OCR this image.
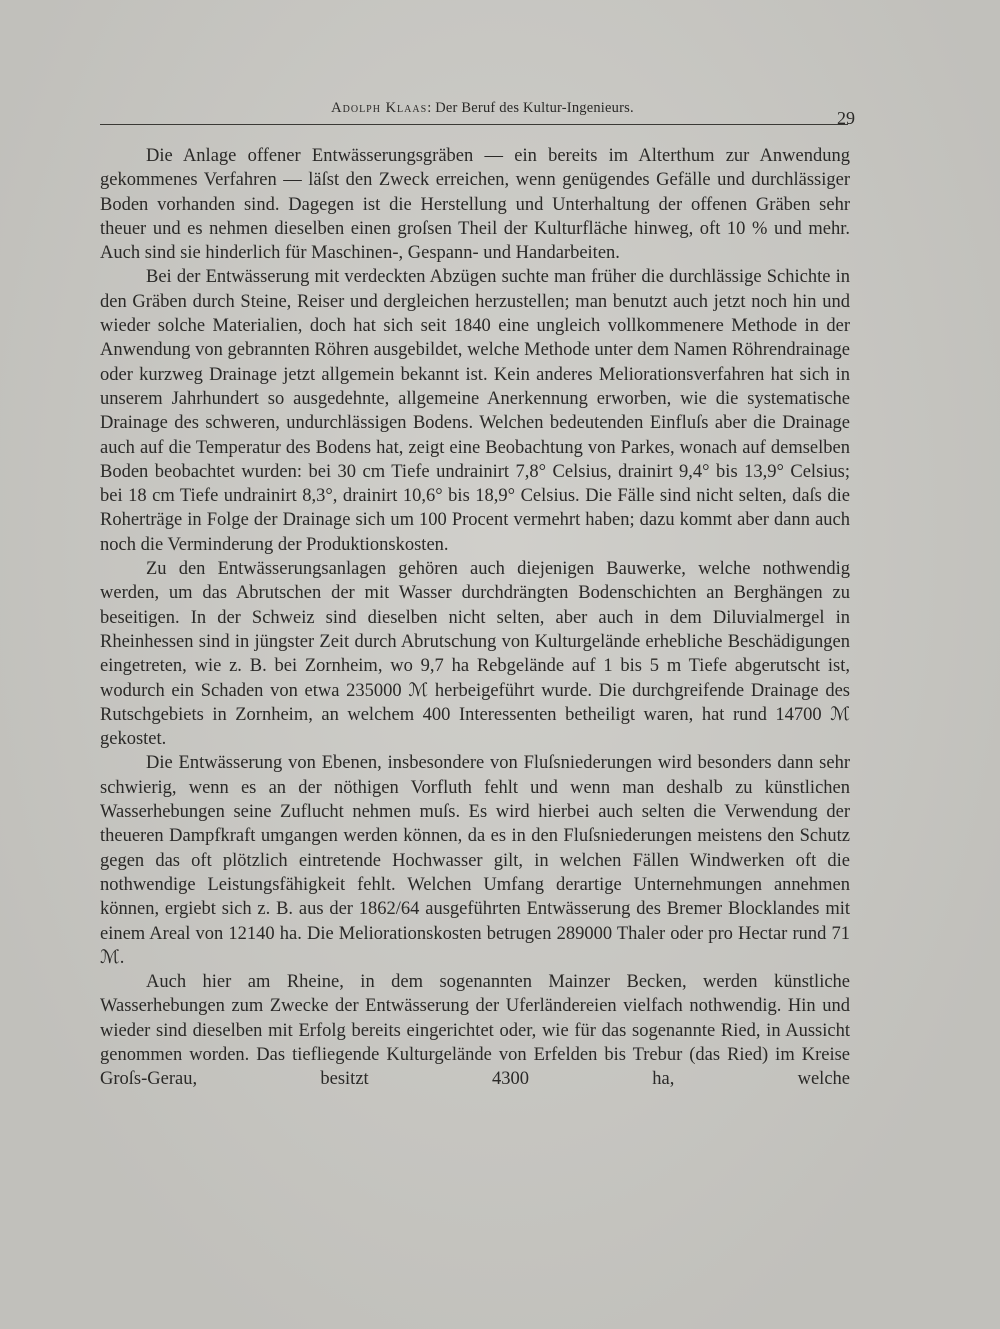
Adolph Klaas: Der Beruf des Kultur-Ingenieurs.	29

Die Anlage offener Entwässerungsgräben — ein bereits im Alterthum zur Anwendung gekommenes Verfahren — läſst den Zweck erreichen, wenn genügendes Gefälle und durchlässiger Boden vorhanden sind. Dagegen ist die Herstellung und Unterhaltung der offenen Gräben sehr theuer und es nehmen dieselben einen groſsen Theil der Kulturfläche hinweg, oft 10 % und mehr. Auch sind sie hinderlich für Maschinen-, Gespann- und Handarbeiten.

Bei der Entwässerung mit verdeckten Abzügen suchte man früher die durchlässige Schichte in den Gräben durch Steine, Reiser und dergleichen herzustellen; man benutzt auch jetzt noch hin und wieder solche Materialien, doch hat sich seit 1840 eine ungleich vollkommenere Methode in der Anwendung von gebrannten Röhren ausgebildet, welche Methode unter dem Namen Röhrendrainage oder kurzweg Drainage jetzt allgemein bekannt ist. Kein anderes Meliorationsverfahren hat sich in unserem Jahrhundert so ausgedehnte, allgemeine Anerkennung erworben, wie die systematische Drainage des schweren, undurchlässigen Bodens. Welchen bedeutenden Einfluſs aber die Drainage auch auf die Temperatur des Bodens hat, zeigt eine Beobachtung von Parkes, wonach auf demselben Boden beobachtet wurden: bei 30 cm Tiefe undrainirt 7,8° Celsius, drainirt 9,4° bis 13,9° Celsius; bei 18 cm Tiefe undrainirt 8,3°, drainirt 10,6° bis 18,9° Celsius. Die Fälle sind nicht selten, daſs die Roherträge in Folge der Drainage sich um 100 Procent vermehrt haben; dazu kommt aber dann auch noch die Verminderung der Produktionskosten.

Zu den Entwässerungsanlagen gehören auch diejenigen Bauwerke, welche nothwendig werden, um das Abrutschen der mit Wasser durchdrängten Bodenschichten an Berghängen zu beseitigen. In der Schweiz sind dieselben nicht selten, aber auch in dem Diluvialmergel in Rheinhessen sind in jüngster Zeit durch Abrutschung von Kulturgelände erhebliche Beschädigungen eingetreten, wie z. B. bei Zornheim, wo 9,7 ha Rebgelände auf 1 bis 5 m Tiefe abgerutscht ist, wodurch ein Schaden von etwa 235000 ℳ herbeigeführt wurde. Die durchgreifende Drainage des Rutschgebiets in Zornheim, an welchem 400 Interessenten betheiligt waren, hat rund 14700 ℳ gekostet.

Die Entwässerung von Ebenen, insbesondere von Fluſsniederungen wird besonders dann sehr schwierig, wenn es an der nöthigen Vorfluth fehlt und wenn man deshalb zu künstlichen Wasserhebungen seine Zuflucht nehmen muſs. Es wird hierbei auch selten die Verwendung der theueren Dampfkraft umgangen werden können, da es in den Fluſsniederungen meistens den Schutz gegen das oft plötzlich eintretende Hochwasser gilt, in welchen Fällen Windwerken oft die nothwendige Leistungsfähigkeit fehlt. Welchen Umfang derartige Unternehmungen annehmen können, ergiebt sich z. B. aus der 1862/64 ausgeführten Entwässerung des Bremer Blocklandes mit einem Areal von 12140 ha. Die Meliorationskosten betrugen 289000 Thaler oder pro Hectar rund 71 ℳ.

Auch hier am Rheine, in dem sogenannten Mainzer Becken, werden künstliche Wasserhebungen zum Zwecke der Entwässerung der Uferländereien vielfach nothwendig. Hin und wieder sind dieselben mit Erfolg bereits eingerichtet oder, wie für das sogenannte Ried, in Aussicht genommen worden. Das tiefliegende Kulturgelände von Erfelden bis Trebur (das Ried) im Kreise Groſs-Gerau, besitzt 4300 ha, welche
